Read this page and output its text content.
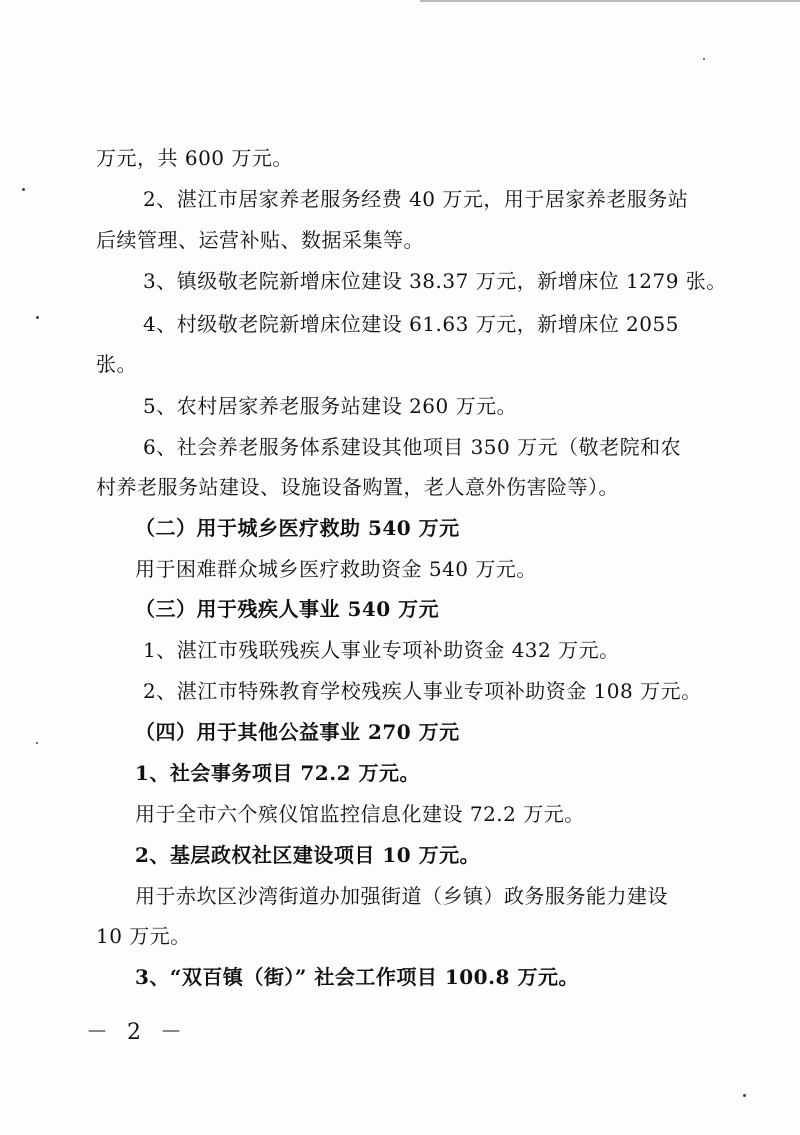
万元，共 600 万元。
2、湛江市居家养老服务经费 40 万元，用于居家养老服务站
后续管理、运营补贴、数据采集等。
3、镇级敬老院新增床位建设 38.37 万元，新增床位 1279 张。
4、村级敬老院新增床位建设 61.63 万元，新增床位 2055
张。
5、农村居家养老服务站建设 260 万元。
6、社会养老服务体系建设其他项目 350 万元（敬老院和农
村养老服务站建设、设施设备购置，老人意外伤害险等）。
（二）用于城乡医疗救助 540 万元
用于困难群众城乡医疗救助资金 540 万元。
（三）用于残疾人事业 540 万元
1、湛江市残联残疾人事业专项补助资金 432 万元。
2、湛江市特殊教育学校残疾人事业专项补助资金 108 万元。
（四）用于其他公益事业 270 万元
1、社会事务项目 72.2 万元。
用于全市六个殡仪馆监控信息化建设 72.2 万元。
2、基层政权社区建设项目 10 万元。
用于赤坎区沙湾街道办加强街道（乡镇）政务服务能力建设
10 万元。
3、“双百镇（街）” 社会工作项目 100.8 万元。
－ 2 －
